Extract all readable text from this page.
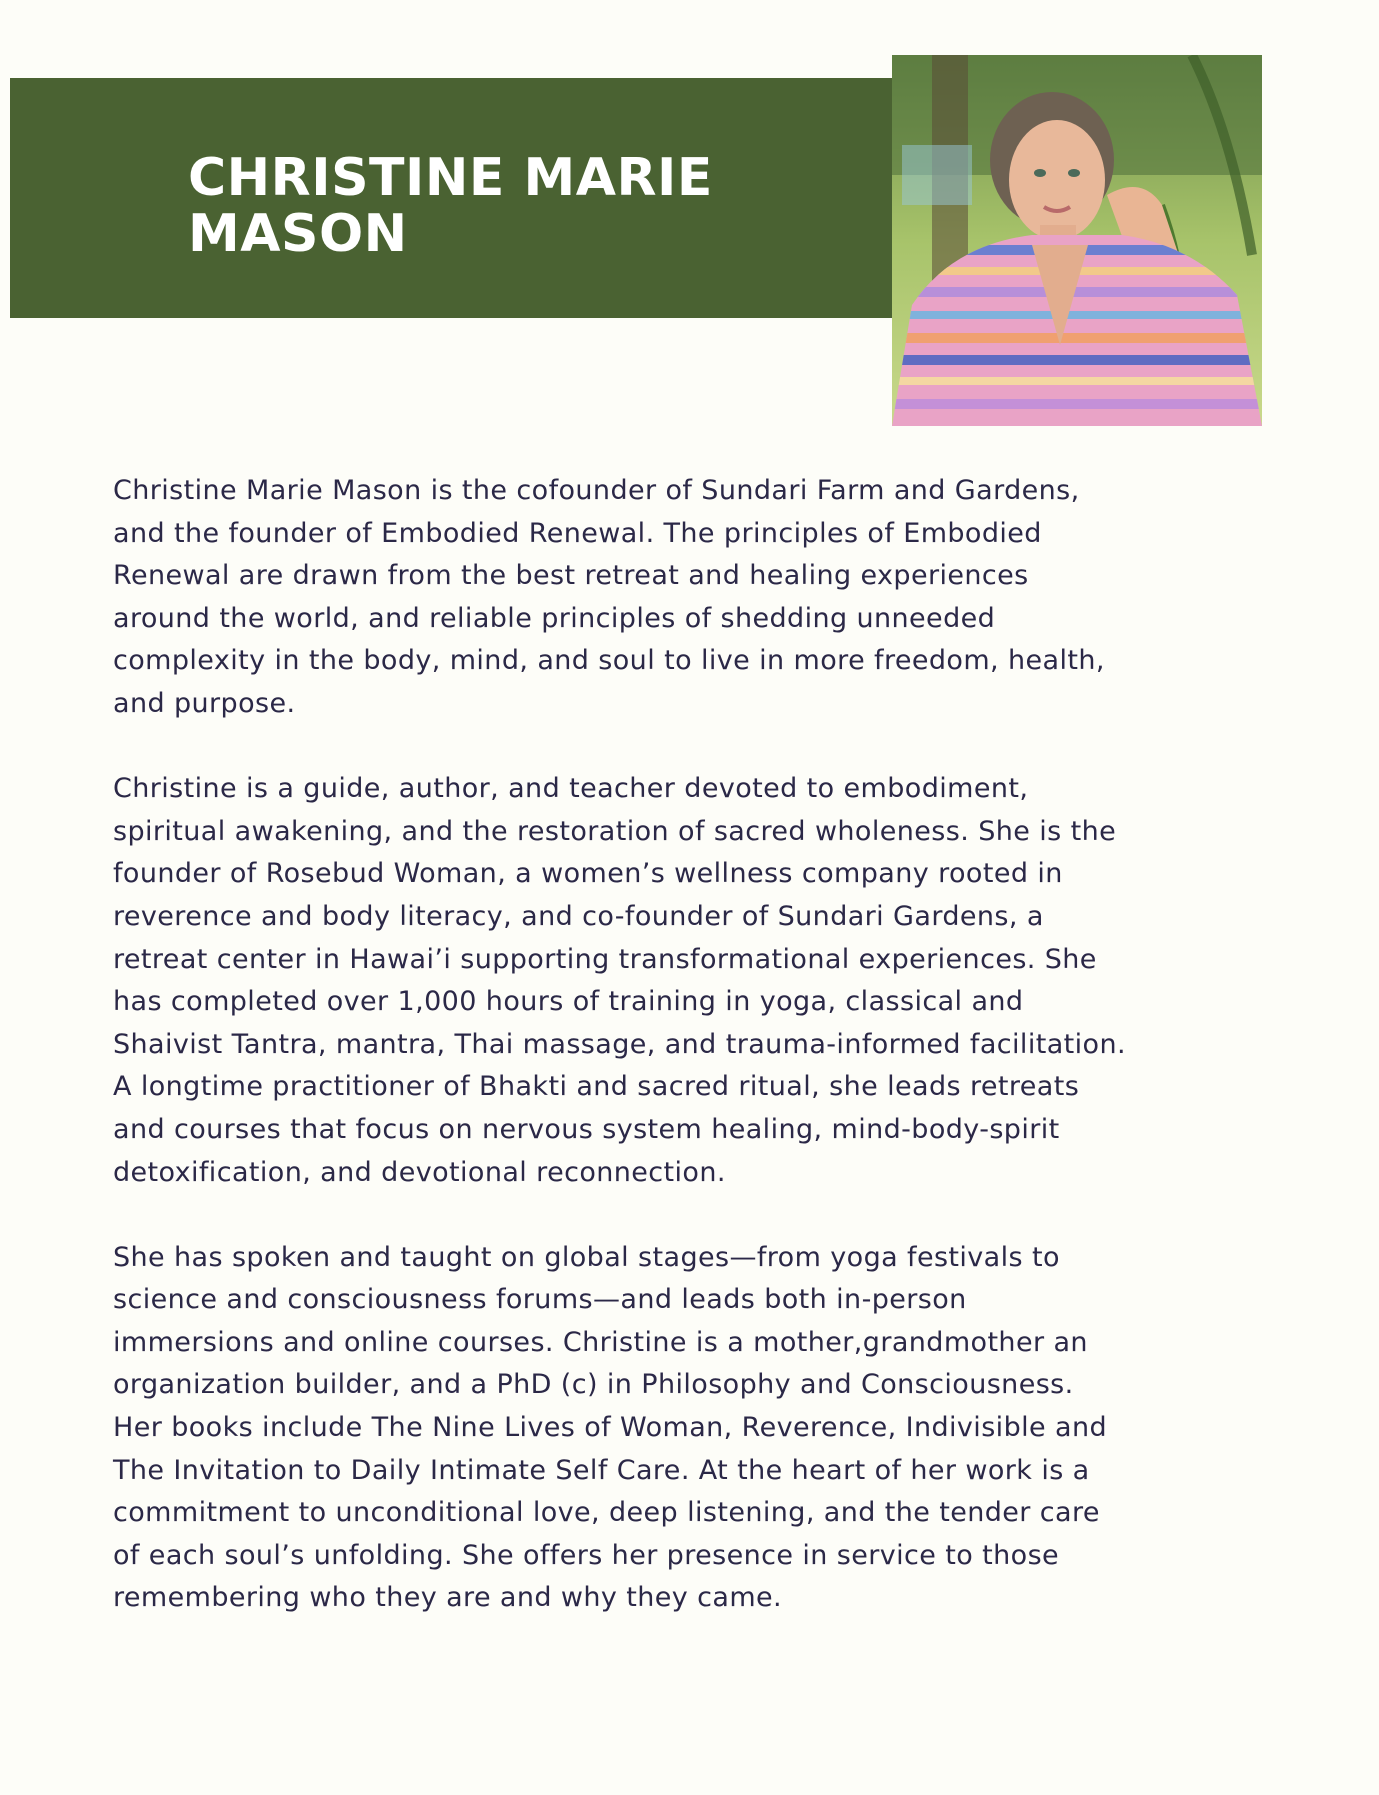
CHRISTINE MARIE
MASON

Christine Marie Mason is the cofounder of Sundari Farm and Gardens,
and the founder of Embodied Renewal. The principles of Embodied
Renewal are drawn from the best retreat and healing experiences
around the world, and reliable principles of shedding unneeded
complexity in the body, mind, and soul to live in more freedom, health,
and purpose.

Christine is a guide, author, and teacher devoted to embodiment,
spiritual awakening, and the restoration of sacred wholeness. She is the
founder of Rosebud Woman, a women’s wellness company rooted in
reverence and body literacy, and co-founder of Sundari Gardens, a
retreat center in Hawai’i supporting transformational experiences. She
has completed over 1,000 hours of training in yoga, classical and
Shaivist Tantra, mantra, Thai massage, and trauma-informed facilitation.
A longtime practitioner of Bhakti and sacred ritual, she leads retreats
and courses that focus on nervous system healing, mind-body-spirit
detoxification, and devotional reconnection.

She has spoken and taught on global stages—from yoga festivals to
science and consciousness forums—and leads both in-person
immersions and online courses. Christine is a mother,grandmother an
organization builder, and a PhD (c) in Philosophy and Consciousness.
Her books include The Nine Lives of Woman, Reverence, Indivisible and
The Invitation to Daily Intimate Self Care. At the heart of her work is a
commitment to unconditional love, deep listening, and the tender care
of each soul’s unfolding. She offers her presence in service to those
remembering who they are and why they came.
